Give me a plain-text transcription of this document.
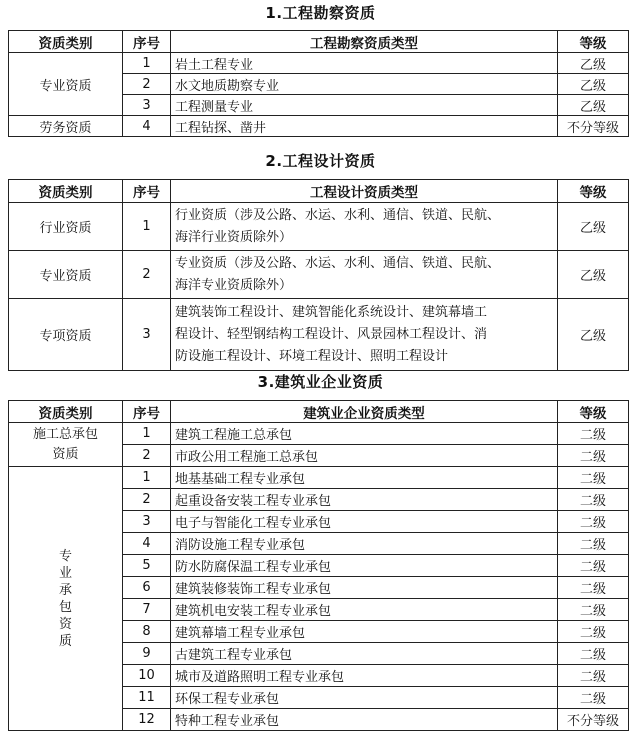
1.工程勘察资质
资质类别	序号	工程勘察资质类型	等级
专业资质	1	岩土工程专业	乙级
	2	水文地质勘察专业	乙级
	3	工程测量专业	乙级
劳务资质	4	工程钻探、凿井	不分等级
2.工程设计资质
资质类别	序号	工程设计资质类型	等级
行业资质	1	行业资质（涉及公路、水运、水利、通信、铁道、民航、
海洋行业资质除外）	乙级
专业资质	2	专业资质（涉及公路、水运、水利、通信、铁道、民航、
海洋专业资质除外）	乙级
专项资质	3	建筑装饰工程设计、建筑智能化系统设计、建筑幕墙工
程设计、轻型钢结构工程设计、风景园林工程设计、消
防设施工程设计、环境工程设计、照明工程设计	乙级
3.建筑业企业资质
资质类别	序号	建筑业企业资质类型	等级

施工总承包
资质	1	建筑工程施工总承包	二级
	2	市政公用工程施工总承包	二级
专业承包资质	1	地基基础工程专业承包	二级
	2	起重设备安装工程专业承包	二级
	3	电子与智能化工程专业承包	二级
	4	消防设施工程专业承包	二级
	5	防水防腐保温工程专业承包	二级
	6	建筑装修装饰工程专业承包	二级
	7	建筑机电安装工程专业承包	二级
	8	建筑幕墙工程专业承包	二级
	9	古建筑工程专业承包	二级
	10	城市及道路照明工程专业承包	二级
	11	环保工程专业承包	二级
	12	特种工程专业承包	不分等级
